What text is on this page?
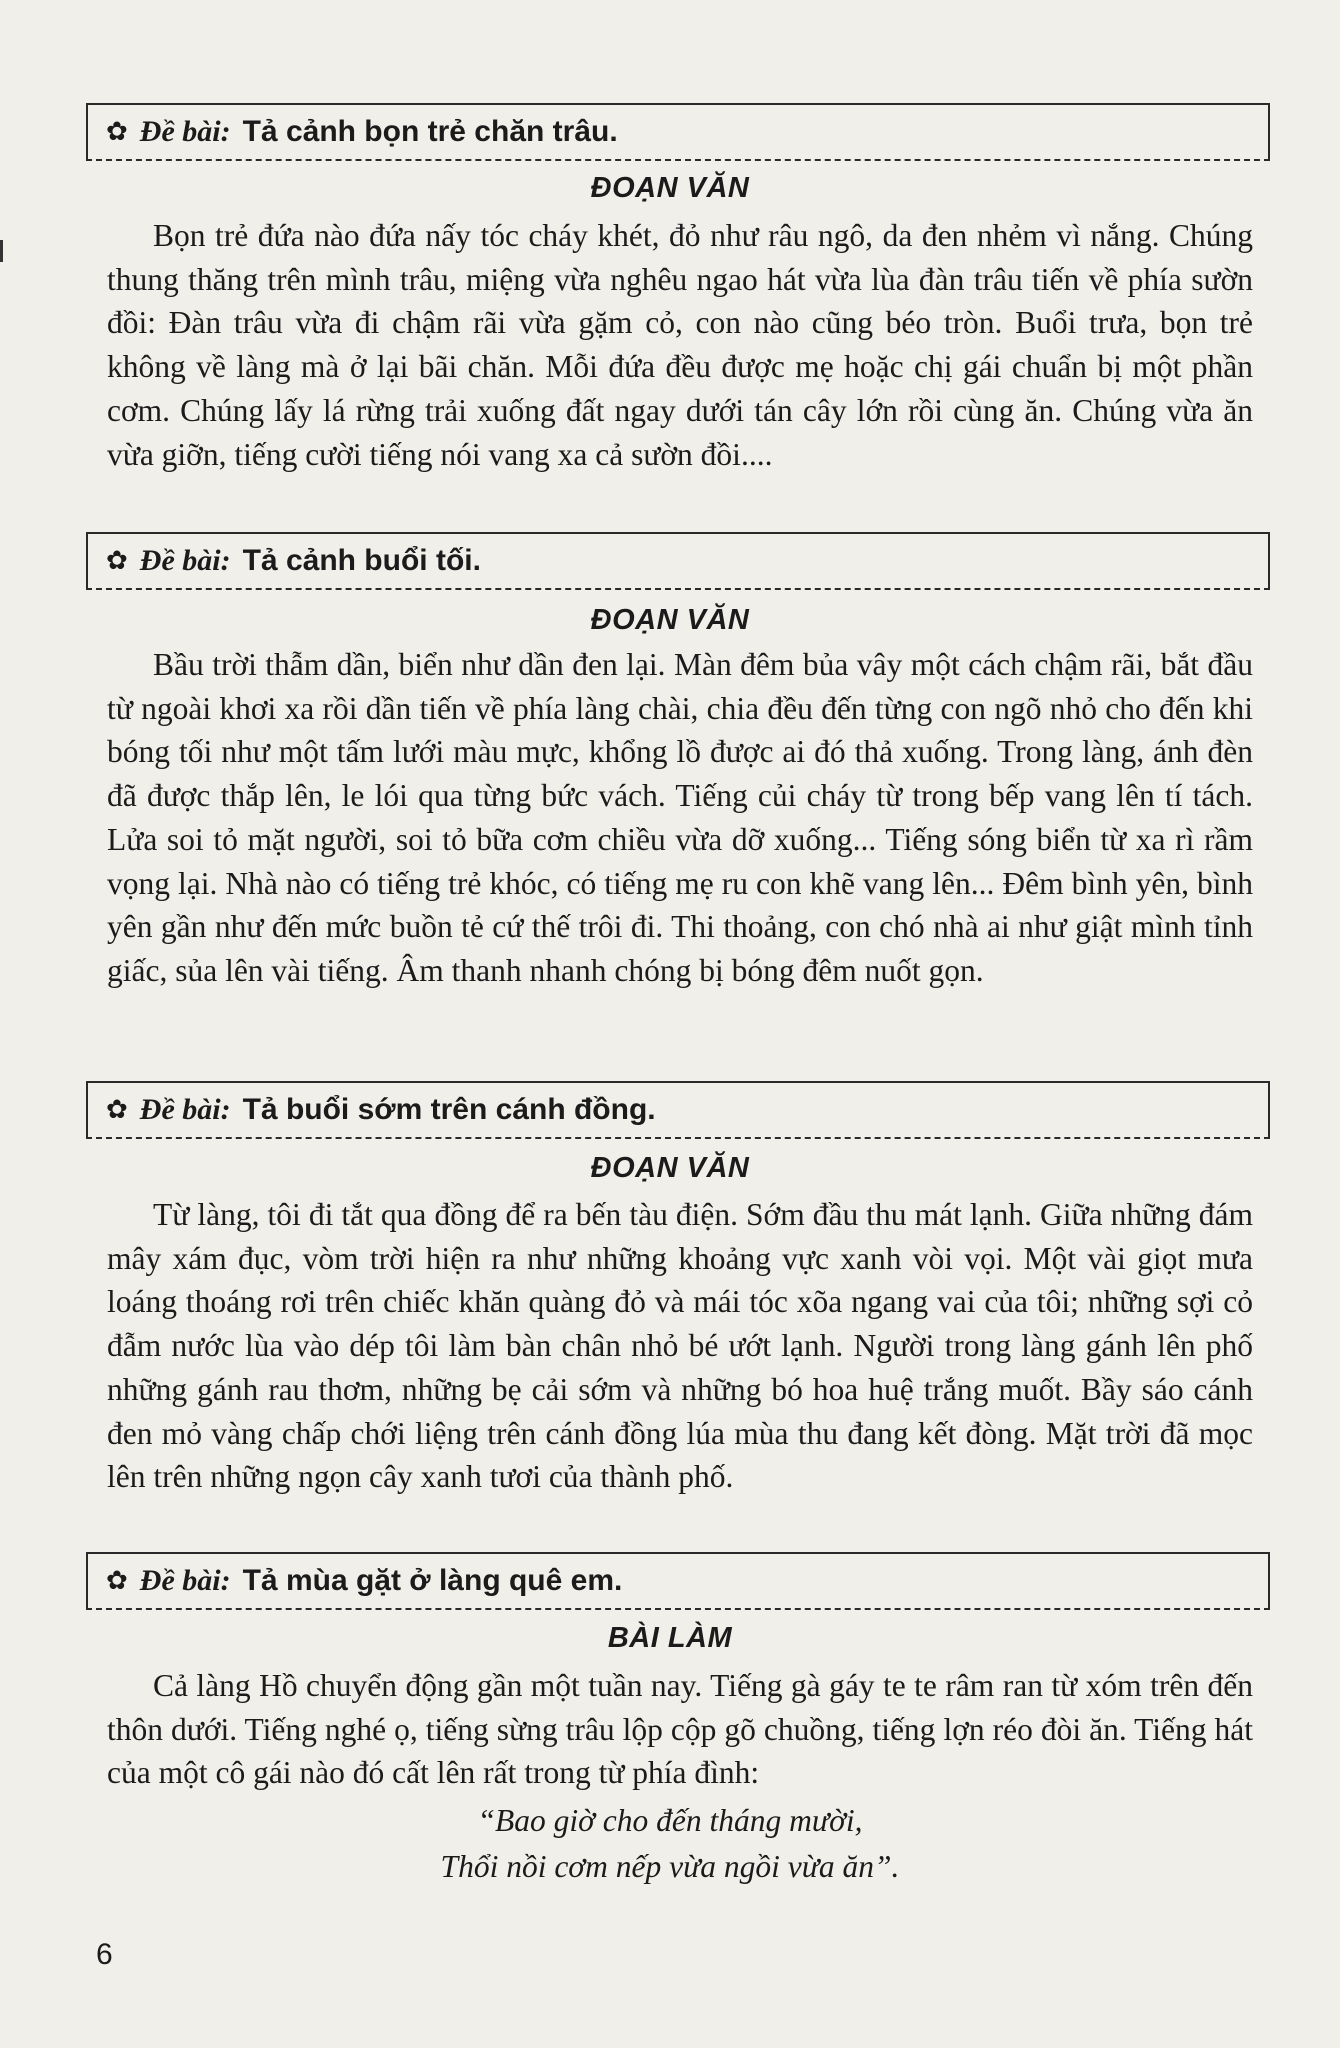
✿ Đề bài: Tả cảnh bọn trẻ chăn trâu.
ĐOẠN VĂN

Bọn trẻ đứa nào đứa nấy tóc cháy khét, đỏ như râu ngô, da đen nhẻm vì nắng. Chúng thung thăng trên mình trâu, miệng vừa nghêu ngao hát vừa lùa đàn trâu tiến về phía sườn đồi: Đàn trâu vừa đi chậm rãi vừa gặm cỏ, con nào cũng béo tròn. Buổi trưa, bọn trẻ không về làng mà ở lại bãi chăn. Mỗi đứa đều được mẹ hoặc chị gái chuẩn bị một phần cơm. Chúng lấy lá rừng trải xuống đất ngay dưới tán cây lớn rồi cùng ăn. Chúng vừa ăn vừa giỡn, tiếng cười tiếng nói vang xa cả sườn đồi....

✿ Đề bài: Tả cảnh buổi tối.
ĐOẠN VĂN

Bầu trời thẫm dần, biển như dần đen lại. Màn đêm bủa vây một cách chậm rãi, bắt đầu từ ngoài khơi xa rồi dần tiến về phía làng chài, chia đều đến từng con ngõ nhỏ cho đến khi bóng tối như một tấm lưới màu mực, khổng lồ được ai đó thả xuống. Trong làng, ánh đèn đã được thắp lên, le lói qua từng bức vách. Tiếng củi cháy từ trong bếp vang lên tí tách. Lửa soi tỏ mặt người, soi tỏ bữa cơm chiều vừa dỡ xuống... Tiếng sóng biển từ xa rì rầm vọng lại. Nhà nào có tiếng trẻ khóc, có tiếng mẹ ru con khẽ vang lên... Đêm bình yên, bình yên gần như đến mức buồn tẻ cứ thế trôi đi. Thi thoảng, con chó nhà ai như giật mình tỉnh giấc, sủa lên vài tiếng. Âm thanh nhanh chóng bị bóng đêm nuốt gọn.

✿ Đề bài: Tả buổi sớm trên cánh đồng.
ĐOẠN VĂN

Từ làng, tôi đi tắt qua đồng để ra bến tàu điện. Sớm đầu thu mát lạnh. Giữa những đám mây xám đục, vòm trời hiện ra như những khoảng vực xanh vòi vọi. Một vài giọt mưa loáng thoáng rơi trên chiếc khăn quàng đỏ và mái tóc xõa ngang vai của tôi; những sợi cỏ đẫm nước lùa vào dép tôi làm bàn chân nhỏ bé ướt lạnh. Người trong làng gánh lên phố những gánh rau thơm, những bẹ cải sớm và những bó hoa huệ trắng muốt. Bầy sáo cánh đen mỏ vàng chấp chới liệng trên cánh đồng lúa mùa thu đang kết đòng. Mặt trời đã mọc lên trên những ngọn cây xanh tươi của thành phố.

✿ Đề bài: Tả mùa gặt ở làng quê em.
BÀI LÀM

Cả làng Hồ chuyển động gần một tuần nay. Tiếng gà gáy te te râm ran từ xóm trên đến thôn dưới. Tiếng nghé ọ, tiếng sừng trâu lộp cộp gõ chuồng, tiếng lợn réo đòi ăn. Tiếng hát của một cô gái nào đó cất lên rất trong từ phía đình:

“Bao giờ cho đến tháng mười,
Thổi nồi cơm nếp vừa ngồi vừa ăn”.
6
